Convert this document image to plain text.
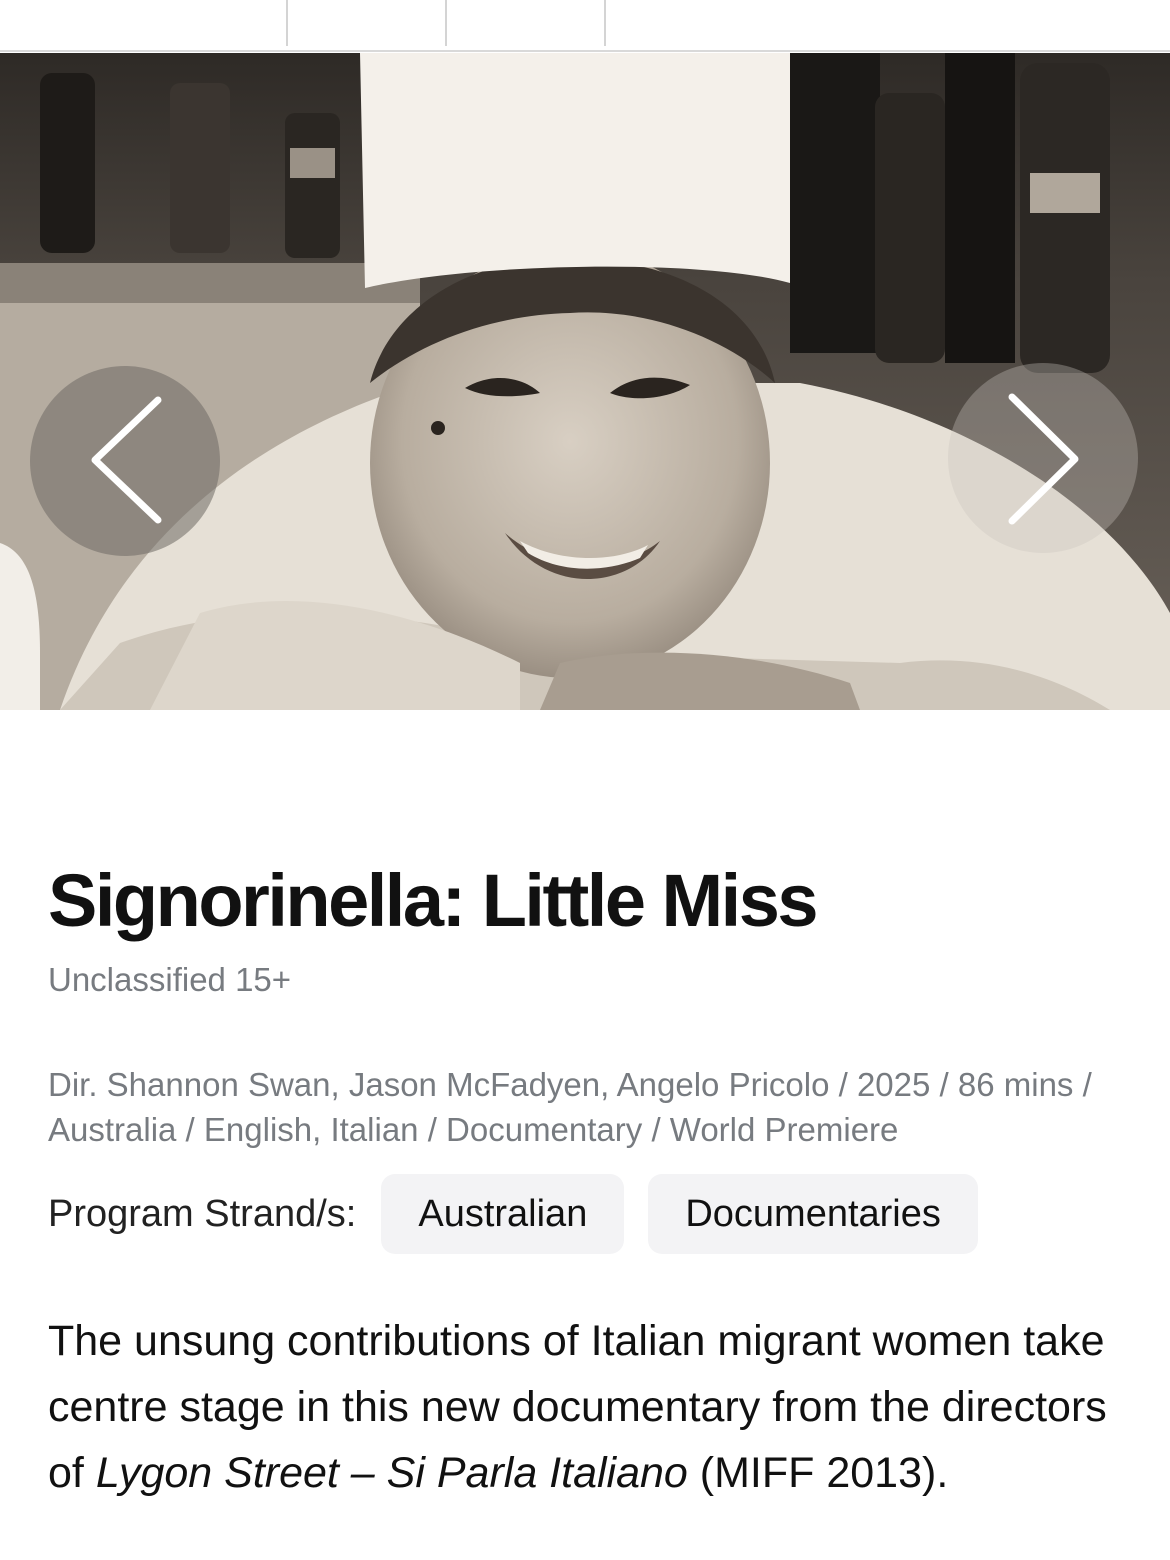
Signorinella: Little Miss
Unclassified 15+
Dir. Shannon Swan, Jason McFadyen, Angelo Pricolo / 2025 / 86 mins / Australia / English, Italian / Documentary / World Premiere
Program Strand/s:	Australian	Documentaries

The unsung contributions of Italian migrant women take centre stage in this new documentary from the directors of Lygon Street – Si Parla Italiano (MIFF 2013).
